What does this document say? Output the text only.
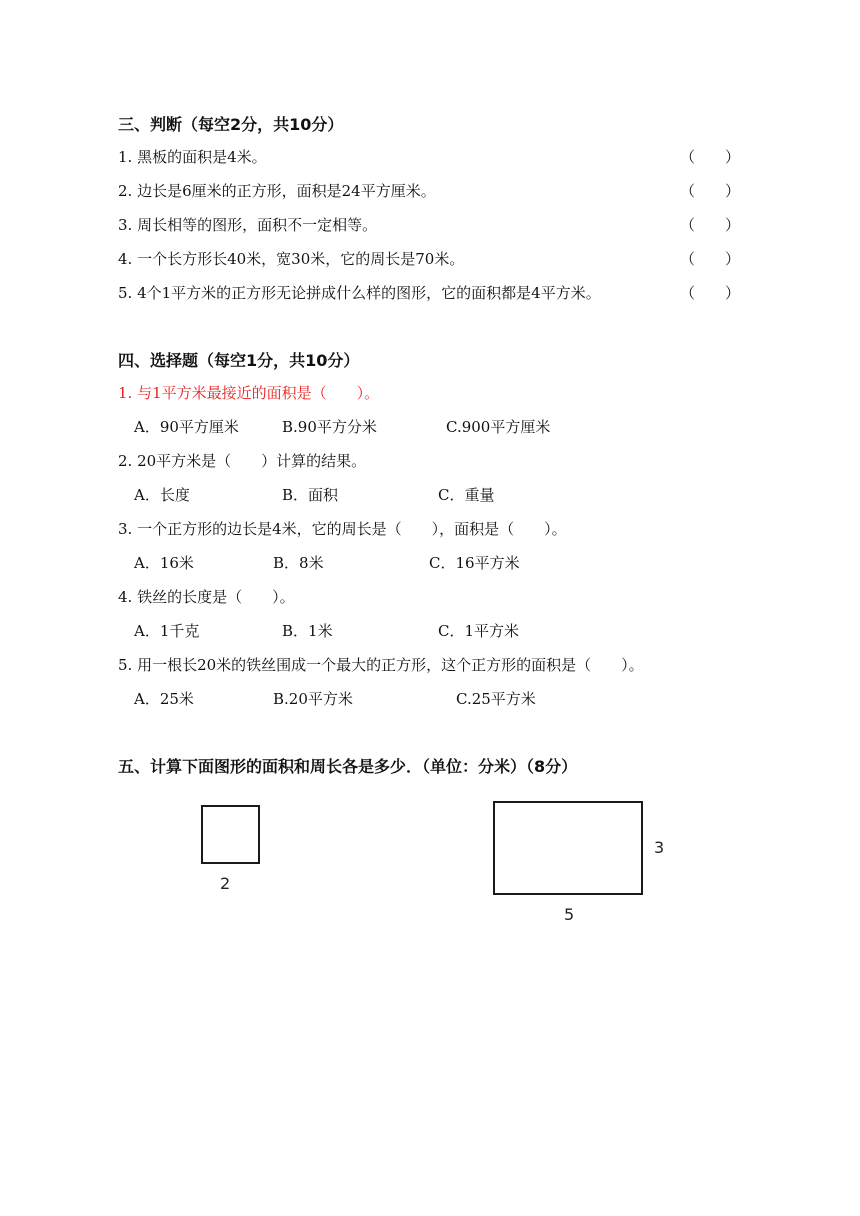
三、判断（每空2分，共10分）
1. 黑板的面积是4米。	（　　）
2. 边长是6厘米的正方形，面积是24平方厘米。	（　　）
3. 周长相等的图形，面积不一定相等。	（　　）
4. 一个长方形长40米，宽30米，它的周长是70米。	（　　）
5. 4个1平方米的正方形无论拼成什么样的图形，它的面积都是4平方米。	（　　）
四、选择题（每空1分，共10分）
1. 与1平方米最接近的面积是（　　）。
A．90平方厘米	B.90平方分米	C.900平方厘米
2. 20平方米是（　　）计算的结果。
A．长度	B．面积	C．重量
3. 一个正方形的边长是4米，它的周长是（　　），面积是（　　）。
A．16米	B．8米	C．16平方米
4. 铁丝的长度是（　　）。
A．1千克	B．1米	C．1平方米
5. 用一根长20米的铁丝围成一个最大的正方形，这个正方形的面积是（　　）。
A．25米	B.20平方米	C.25平方米
五、计算下面图形的面积和周长各是多少．（单位：分米）（8分）
2
3
5
